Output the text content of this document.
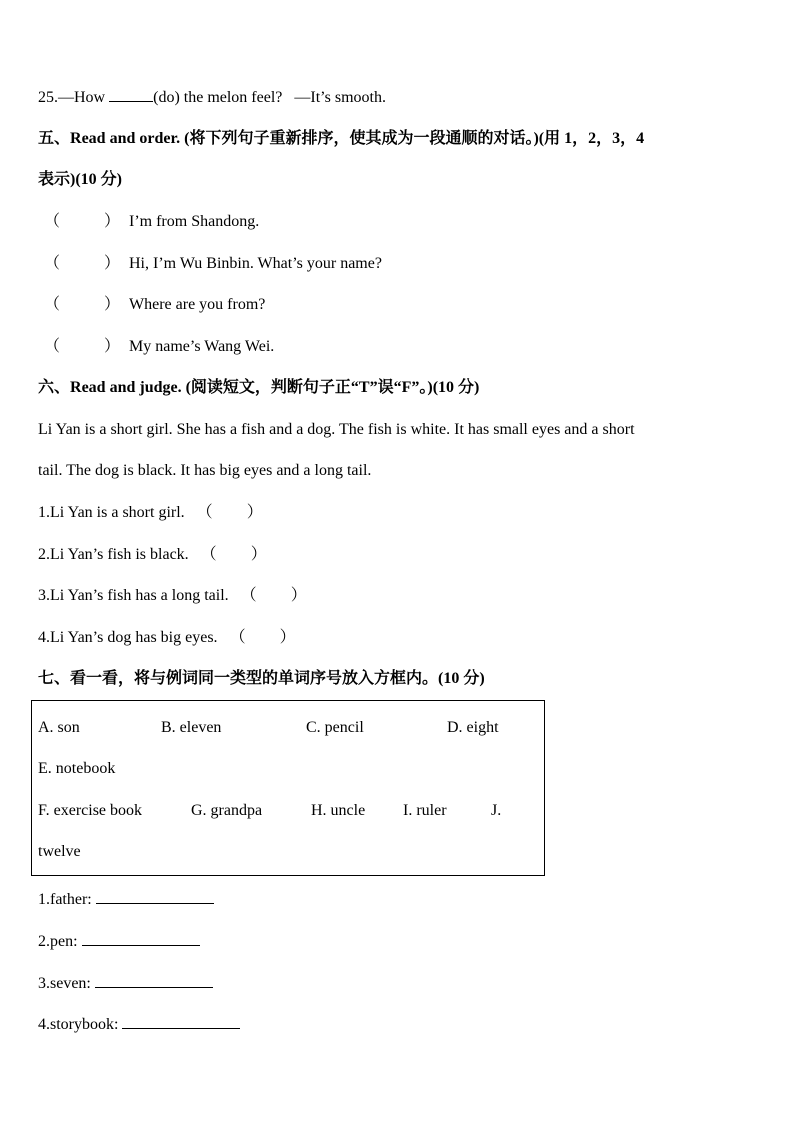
25.—How	(do) the melon feel? —It’s smooth.
五、Read and order. (将下列句子重新排序，使其成为一段通顺的对话。)(用 1，2，3，4
表示)(10 分)
（	） I’m from Shandong.
（	） Hi, I’m Wu Binbin. What’s your name?
（	） Where are you from?
（	） My name’s Wang Wei.
六、Read and judge. (阅读短文，判断句子正“T”误“F”。)(10 分)
Li Yan is a short girl. She has a fish and a dog. The fish is white. It has small eyes and a short
tail. The dog is black. It has big eyes and a long tail.
1.Li Yan is a short girl. （ ）
2.Li Yan’s fish is black. （ ）
3.Li Yan’s fish has a long tail. （ ）
4.Li Yan’s dog has big eyes. （ ）
七、看一看，将与例词同一类型的单词序号放入方框内。(10 分)
A. son	B. eleven	C. pencil	D. eight
E. notebook
F. exercise book	G. grandpa	H. uncle I. ruler	J.
twelve
1.father:
2.pen:
3.seven:
4.storybook:
